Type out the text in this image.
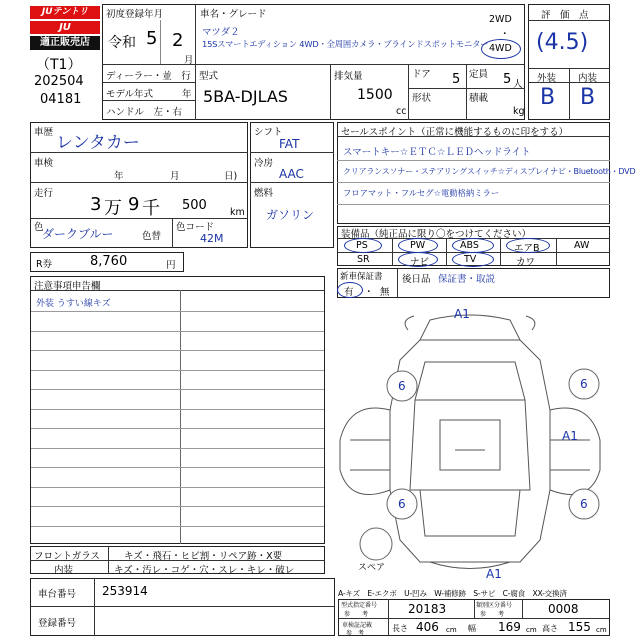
JUテントリ
JU
適正販売店
（T1）
202504
04181
初度登録年月
令和 5 2
月
車名・グレード
マツダ２
15Sスマートエディション 4WD・全周囲カメラ・ブラインドスポットモニター
2WD
・
4WD
ディーラー・並　行
モデル年式	年
ハンドル　左・右
型式
5BA-DJLAS
排気量
1500
cc
ドア 5
形状
定員 5 人
積載
kg
評　価　点
(4.5)
外装 内装
B B
車歴
レンタカー
車検
年	月	日)
走行
3 万 9 千 500 km
色
ダークブルー	色替
色コード
42M
シフト
FAT
冷房
AAC
燃料
ガソリン
R券	8,760	円
セールスポイント（正常に機能するものに印をする）
スマートキー☆ＥＴＣ☆ＬＥＤヘッドライト
クリアランスソナー・ステアリングスイッチ☆ディスプレイナビ・Bluetooth・DVD
フロアマット・フルセグ☆電動格納ミラー
装備品（純正品に限り〇をつけてください）
PS	PW	ABS	エアB	AW
SR	ナビ	TV	カワ
新車保証書
有 ・ 無
後日品 保証書・取説
注意事項申告欄
外装 うすい線キズ
A1
6	6
A1
6	6
A1
スペア
フロントガラス	キズ・飛石・ヒビ割・リペア跡・X要
内装	キズ・汚レ・コゲ・穴・スレ・キレ・破レ
A-キズ　E-エクボ　U-凹み　W-補修跡　S-サビ　C-腐食　XX-交換済
車台番号 253914
登録番号
型式指定番号
参　　考	20183	類別区分番号
参　　考	0008
車検証記載
参　考
長さ 406 cm 幅 169 cm 高さ 155 cm
